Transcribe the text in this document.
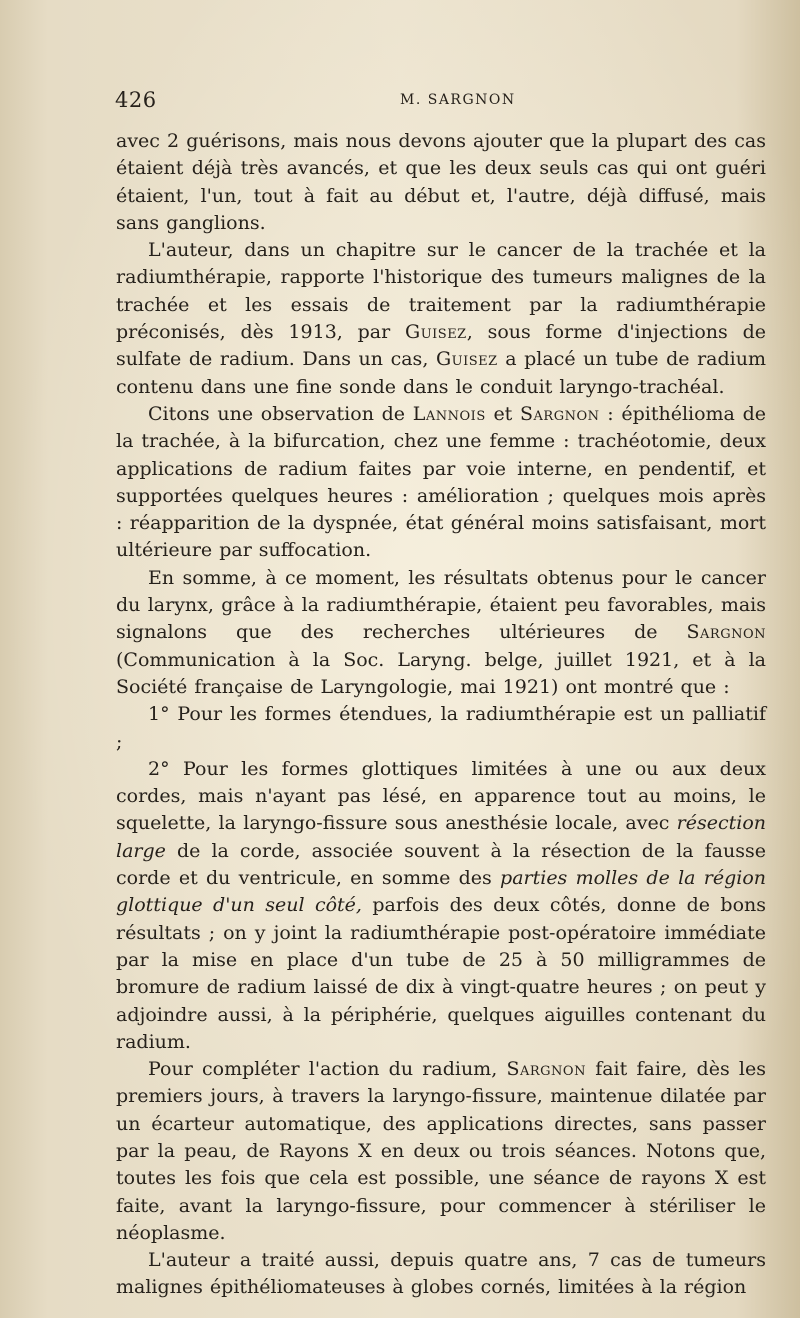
426	M. SARGNON

avec 2 guérisons, mais nous devons ajouter que la plupart des cas étaient déjà très avancés, et que les deux seuls cas qui ont guéri étaient, l'un, tout à fait au début et, l'autre, déjà diffusé, mais sans ganglions.

L'auteur, dans un chapitre sur le cancer de la trachée et la radiumthérapie, rapporte l'historique des tumeurs malignes de la trachée et les essais de traitement par la radiumthérapie préconisés, dès 1913, par Guisez, sous forme d'injections de sulfate de radium. Dans un cas, Guisez a placé un tube de radium contenu dans une fine sonde dans le conduit laryngo-trachéal.

Citons une observation de Lannois et Sargnon : épithélioma de la trachée, à la bifurcation, chez une femme : trachéotomie, deux applications de radium faites par voie interne, en pendentif, et supportées quelques heures : amélioration ; quelques mois après : réapparition de la dyspnée, état général moins satisfaisant, mort ultérieure par suffocation.

En somme, à ce moment, les résultats obtenus pour le cancer du larynx, grâce à la radiumthérapie, étaient peu favorables, mais signalons que des recherches ultérieures de Sargnon (Communication à la Soc. Laryng. belge, juillet 1921, et à la Société française de Laryngologie, mai 1921) ont montré que :

1° Pour les formes étendues, la radiumthérapie est un palliatif ;

2° Pour les formes glottiques limitées à une ou aux deux cordes, mais n'ayant pas lésé, en apparence tout au moins, le squelette, la laryngo-fissure sous anesthésie locale, avec résection large de la corde, associée souvent à la résection de la fausse corde et du ventricule, en somme des parties molles de la région glottique d'un seul côté, parfois des deux côtés, donne de bons résultats ; on y joint la radiumthérapie post-opératoire immédiate par la mise en place d'un tube de 25 à 50 milligrammes de bromure de radium laissé de dix à vingt-quatre heures ; on peut y adjoindre aussi, à la périphérie, quelques aiguilles contenant du radium.

Pour compléter l'action du radium, Sargnon fait faire, dès les premiers jours, à travers la laryngo-fissure, maintenue dilatée par un écarteur automatique, des applications directes, sans passer par la peau, de Rayons X en deux ou trois séances. Notons que, toutes les fois que cela est possible, une séance de rayons X est faite, avant la laryngo-fissure, pour commencer à stériliser le néoplasme.

L'auteur a traité aussi, depuis quatre ans, 7 cas de tumeurs malignes épithéliomateuses à globes cornés, limitées à la région
